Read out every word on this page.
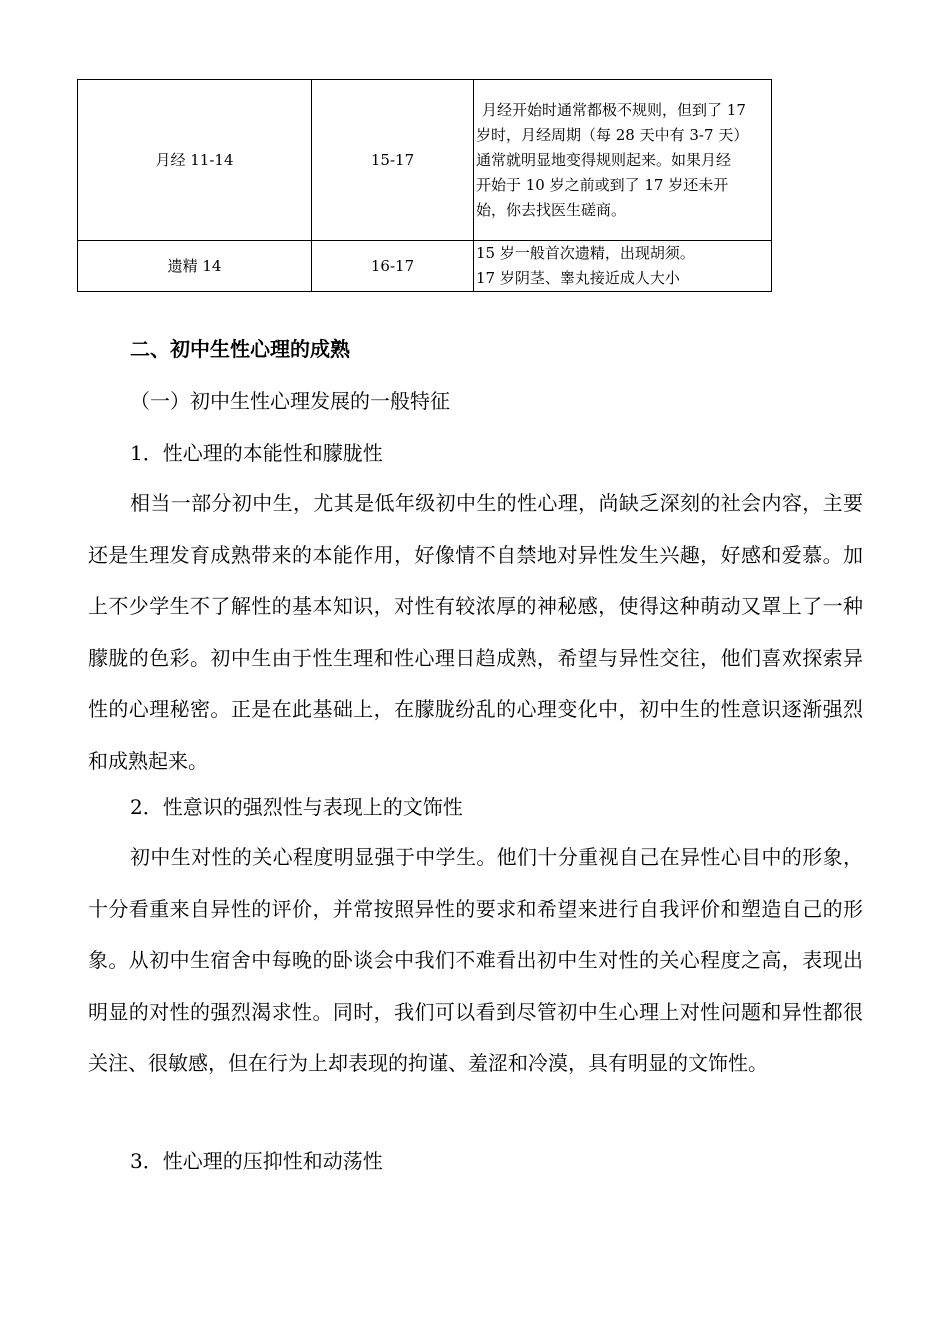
月经 11-14	15-17	月经开始时通常都极不规则，但到了 17
岁时，月经周期（每 28 天中有 3-7 天）
通常就明显地变得规则起来。如果月经
开始于 10 岁之前或到了 17 岁还未开
始，你去找医生磋商。

遗精 14	16-17	15 岁一般首次遗精，出现胡须。
17 岁阴茎、睾丸接近成人大小
二、初中生性心理的成熟
（一）初中生性心理发展的一般特征
1．性心理的本能性和朦胧性
相当一部分初中生，尤其是低年级初中生的性心理，尚缺乏深刻的社会内容，主要还是生理发育成熟带来的本能作用，好像情不自禁地对异性发生兴趣，好感和爱慕。加上不少学生不了解性的基本知识，对性有较浓厚的神秘感，使得这种萌动又罩上了一种朦胧的色彩。初中生由于性生理和性心理日趋成熟，希望与异性交往，他们喜欢探索异性的心理秘密。正是在此基础上，在朦胧纷乱的心理变化中，初中生的性意识逐渐强烈和成熟起来。
2．性意识的强烈性与表现上的文饰性
初中生对性的关心程度明显强于中学生。他们十分重视自己在异性心目中的形象，十分看重来自异性的评价，并常按照异性的要求和希望来进行自我评价和塑造自己的形象。从初中生宿舍中每晚的卧谈会中我们不难看出初中生对性的关心程度之高，表现出明显的对性的强烈渴求性。同时，我们可以看到尽管初中生心理上对性问题和异性都很关注、很敏感，但在行为上却表现的拘谨、羞涩和冷漠，具有明显的文饰性。
3．性心理的压抑性和动荡性
